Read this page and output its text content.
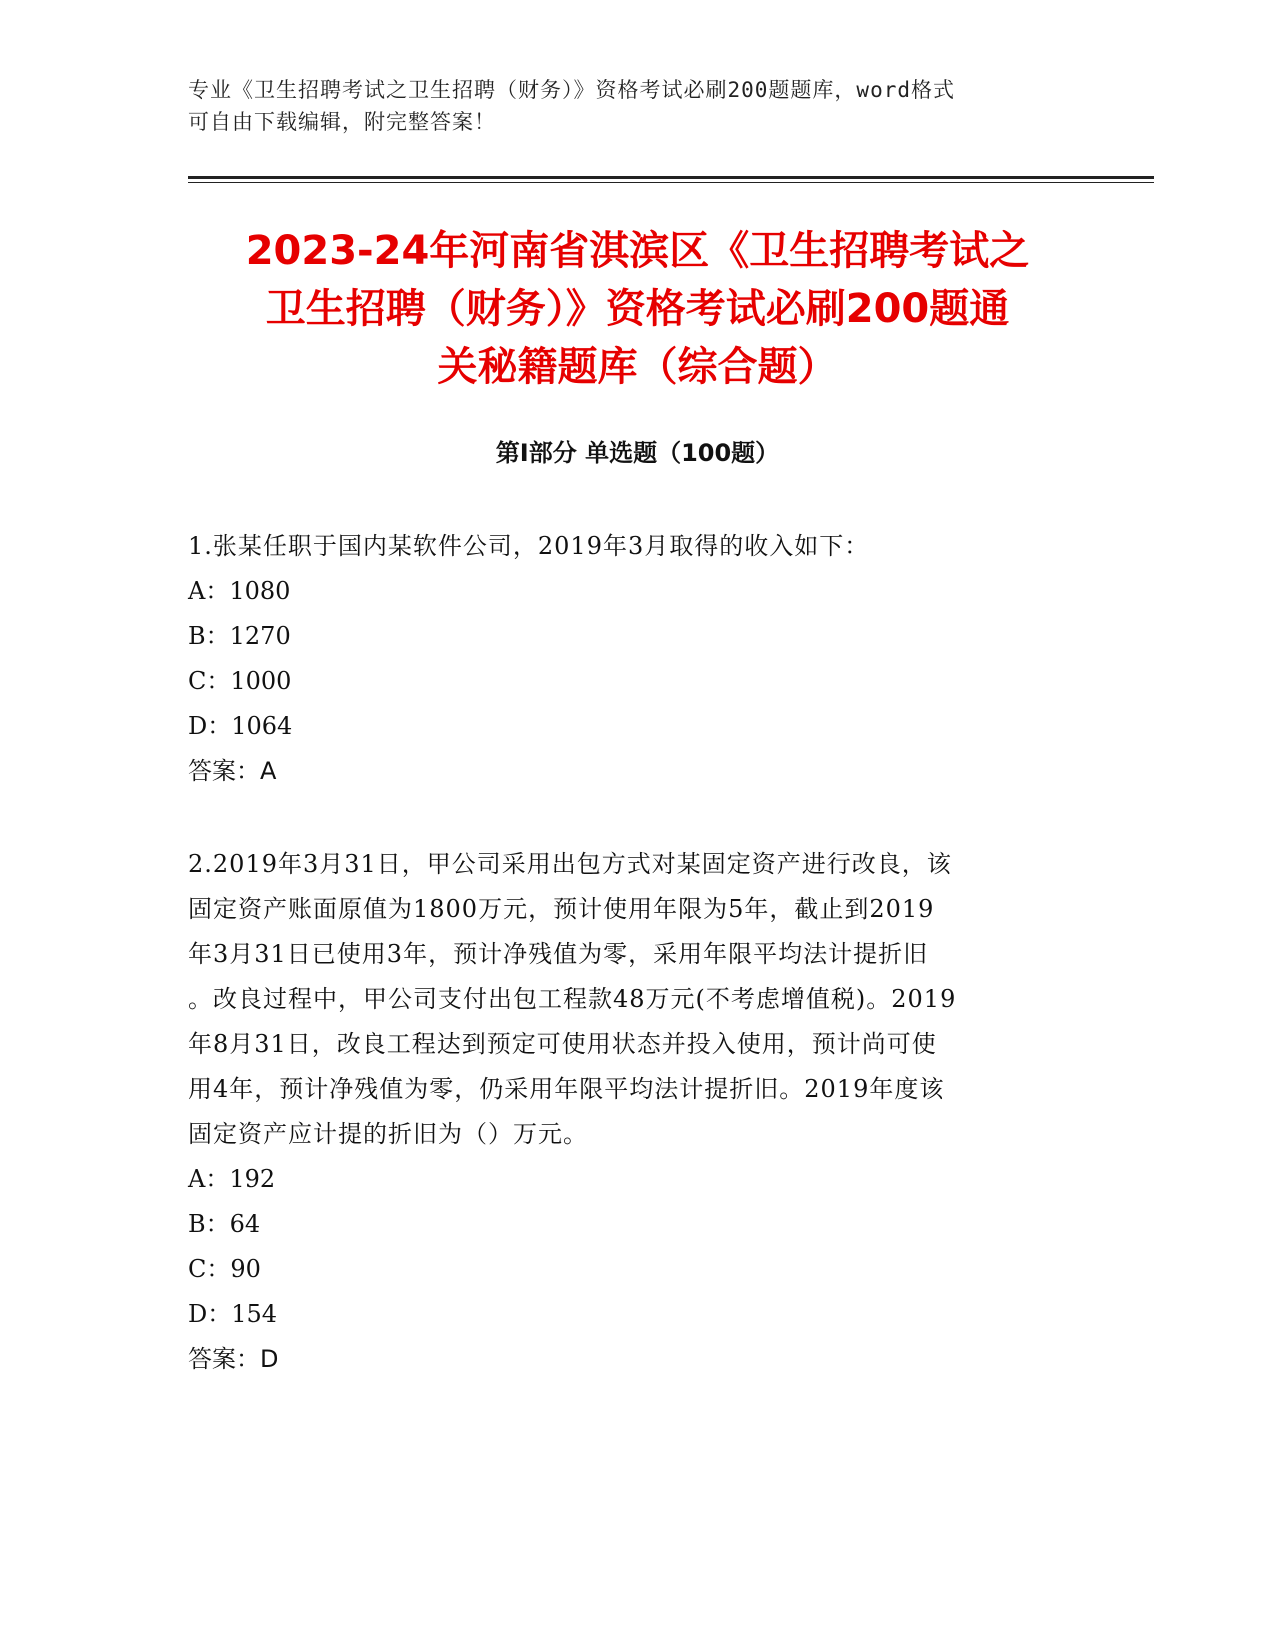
专业《卫生招聘考试之卫生招聘（财务）》资格考试必刷200题题库，word格式
可自由下载编辑，附完整答案！
2023-24年河南省淇滨区《卫生招聘考试之
卫生招聘（财务）》资格考试必刷200题通
关秘籍题库（综合题）
第Ⅰ部分 单选题（100题）
1.张某任职于国内某软件公司，2019年3月取得的收入如下：
A：1080
B：1270
C：1000
D：1064
答案：A
2.2019年3月31日，甲公司采用出包方式对某固定资产进行改良，该
固定资产账面原值为1800万元，预计使用年限为5年，截止到2019
年3月31日已使用3年，预计净残值为零，采用年限平均法计提折旧
。改良过程中，甲公司支付出包工程款48万元(不考虑增值税)。2019
年8月31日，改良工程达到预定可使用状态并投入使用，预计尚可使
用4年，预计净残值为零，仍采用年限平均法计提折旧。2019年度该
固定资产应计提的折旧为（）万元。
A：192
B：64
C：90
D：154
答案：D
